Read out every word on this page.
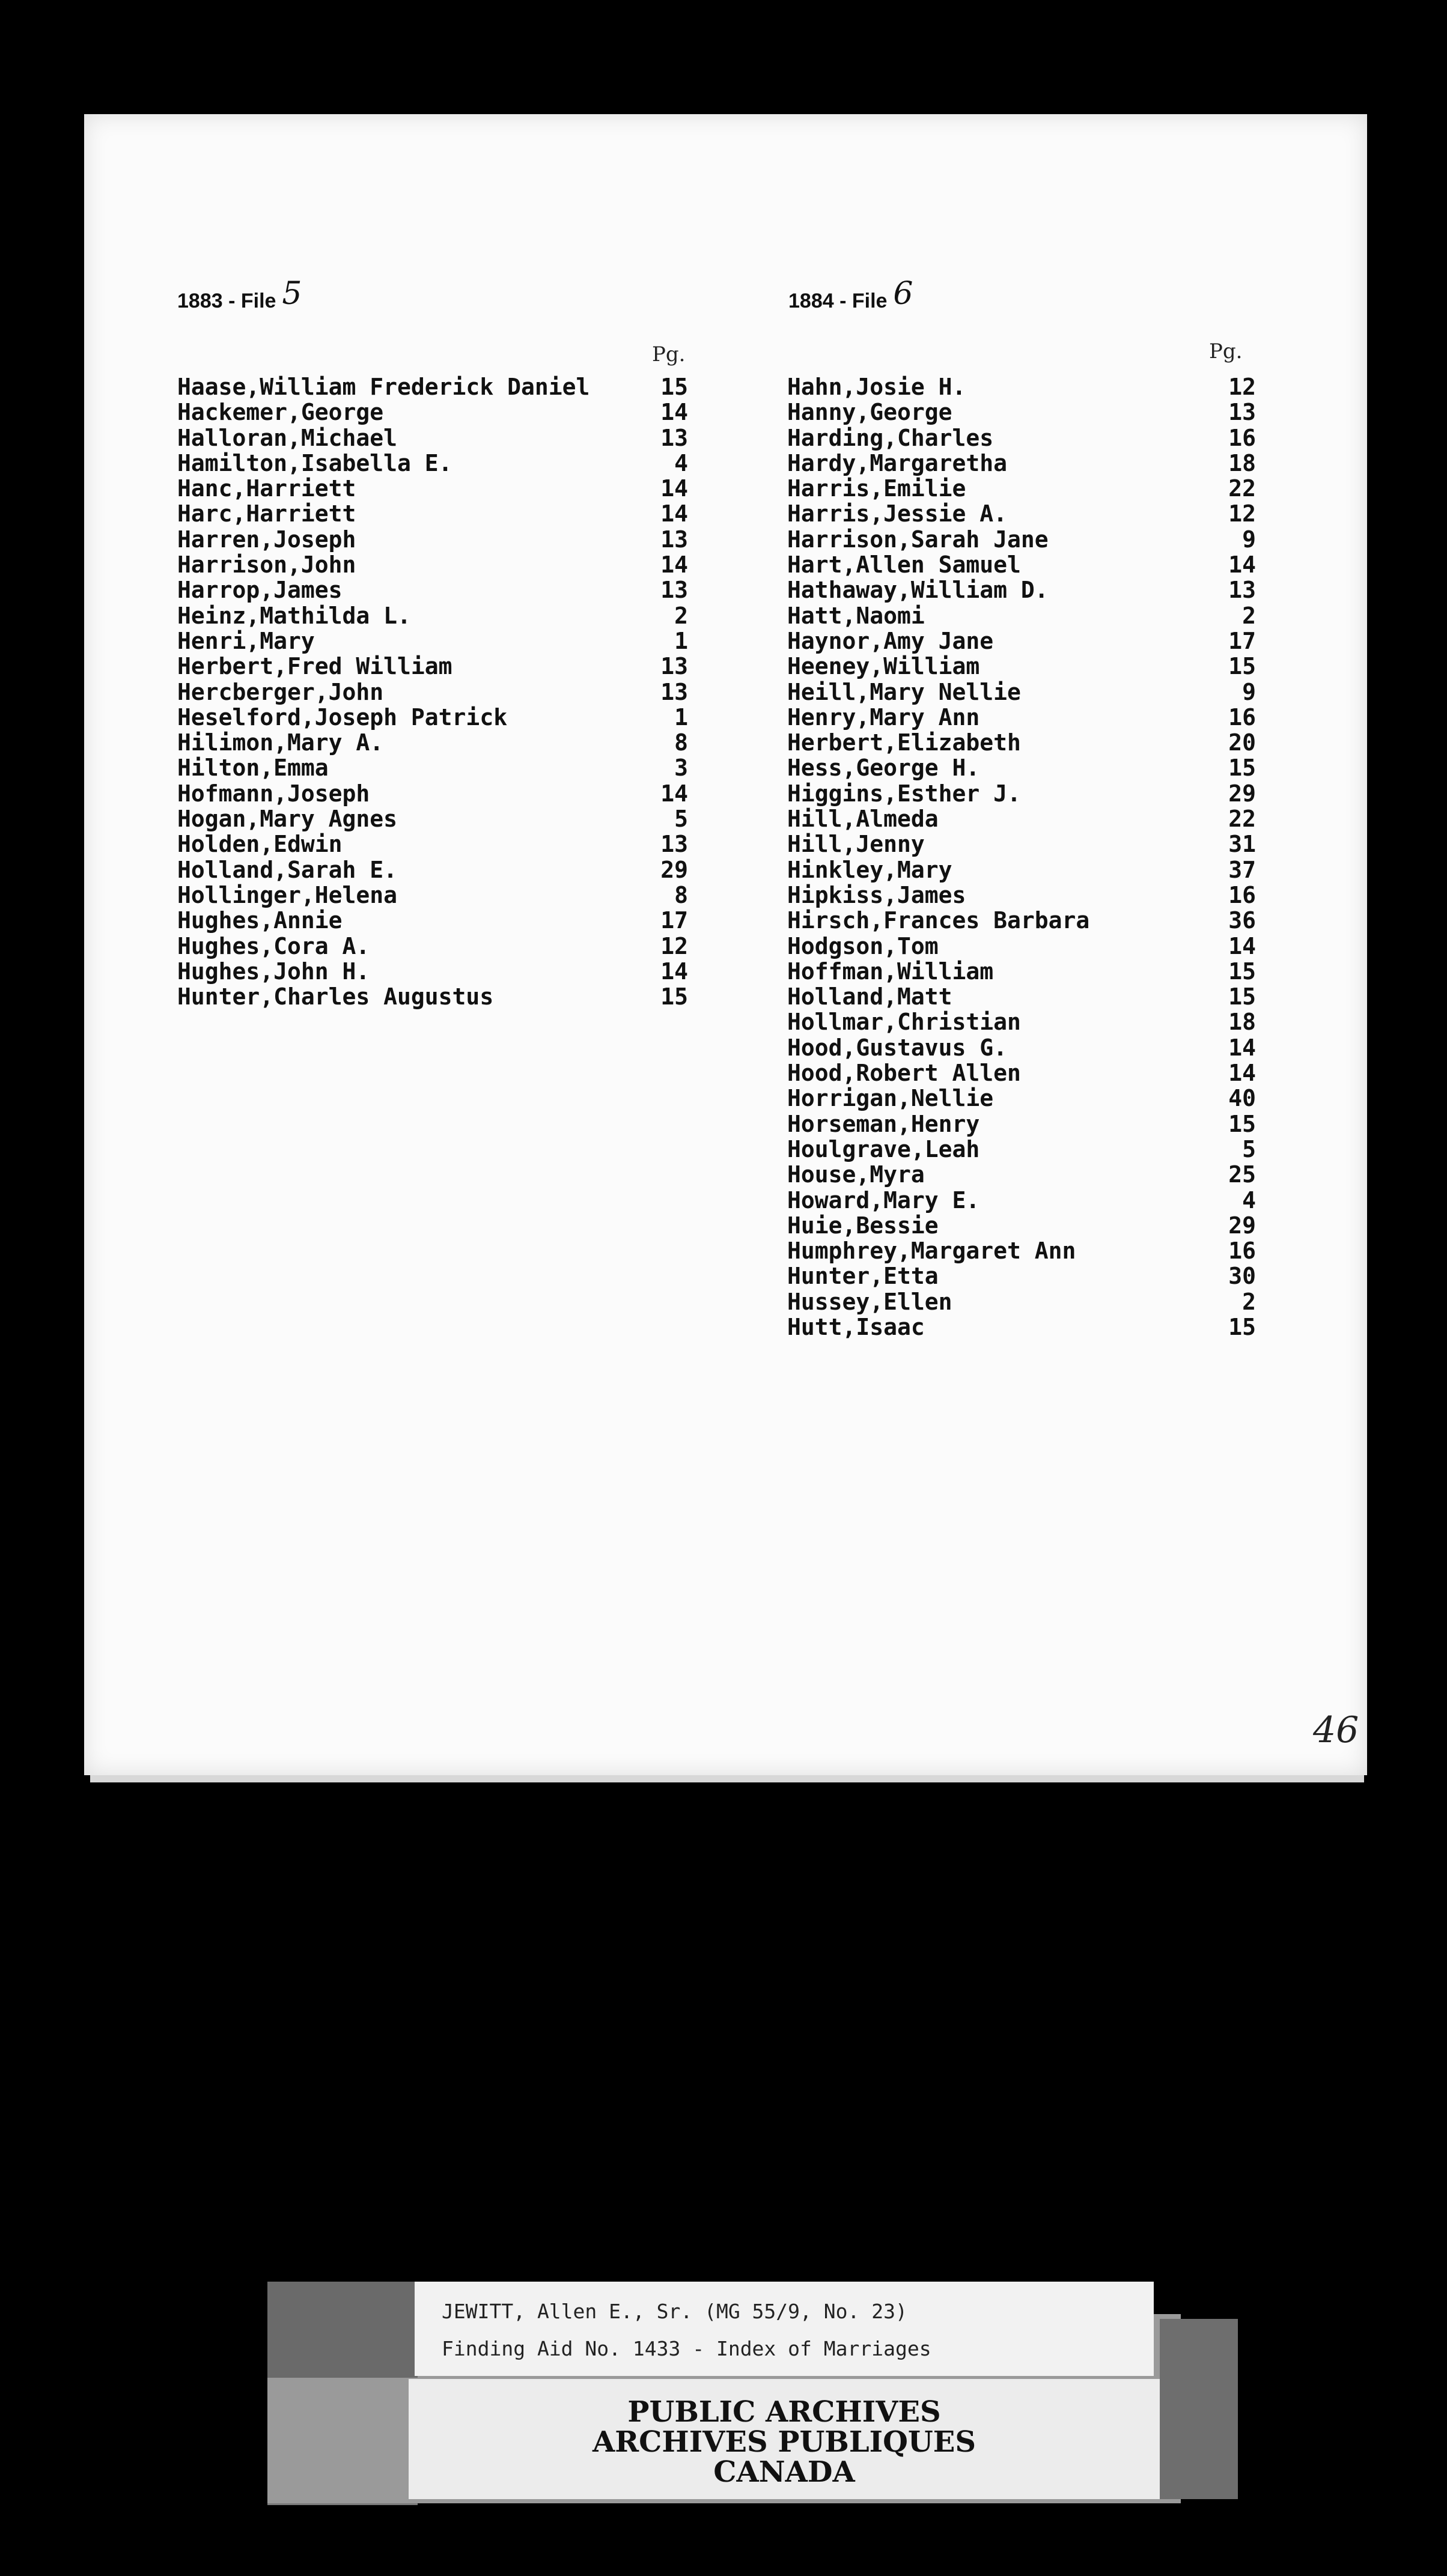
1883 - File 5
Pg.
1884 - File 6
Pg.
Haase,William Frederick Daniel	15
Hackemer,George	14
Halloran,Michael	13
Hamilton,Isabella E.	4
Hanc,Harriett	14
Harc,Harriett	14
Harren,Joseph	13
Harrison,John	14
Harrop,James	13
Heinz,Mathilda L.	2
Henri,Mary	1
Herbert,Fred William	13
Hercberger,John	13
Heselford,Joseph Patrick	1
Hilimon,Mary A.	8
Hilton,Emma	3
Hofmann,Joseph	14
Hogan,Mary Agnes	5
Holden,Edwin	13
Holland,Sarah E.	29
Hollinger,Helena	8
Hughes,Annie	17
Hughes,Cora A.	12
Hughes,John H.	14
Hunter,Charles Augustus	15
Hahn,Josie H.	12
Hanny,George	13
Harding,Charles	16
Hardy,Margaretha	18
Harris,Emilie	22
Harris,Jessie A.	12
Harrison,Sarah Jane	9
Hart,Allen Samuel	14
Hathaway,William D.	13
Hatt,Naomi	2
Haynor,Amy Jane	17
Heeney,William	15
Heill,Mary Nellie	9
Henry,Mary Ann	16
Herbert,Elizabeth	20
Hess,George H.	15
Higgins,Esther J.	29
Hill,Almeda	22
Hill,Jenny	31
Hinkley,Mary	37
Hipkiss,James	16
Hirsch,Frances Barbara	36
Hodgson,Tom	14
Hoffman,William	15
Holland,Matt	15
Hollmar,Christian	18
Hood,Gustavus G.	14
Hood,Robert Allen	14
Horrigan,Nellie	40
Horseman,Henry	15
Houlgrave,Leah	5
House,Myra	25
Howard,Mary E.	4
Huie,Bessie	29
Humphrey,Margaret Ann	16
Hunter,Etta	30
Hussey,Ellen	2
Hutt,Isaac	15
46
JEWITT, Allen E., Sr. (MG 55/9, No. 23)
Finding Aid No. 1433 - Index of Marriages
PUBLIC ARCHIVES
ARCHIVES PUBLIQUES
CANADA
